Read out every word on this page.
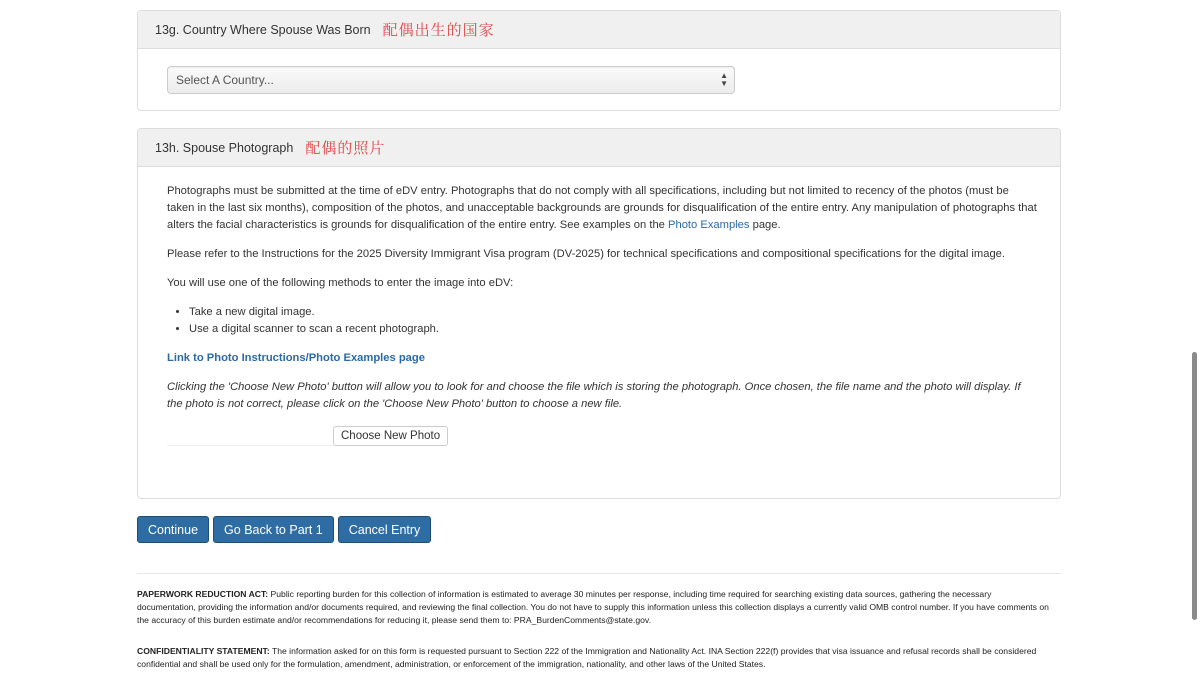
13g. Country Where Spouse Was Born 配偶出生的国家
Select A Country...	▲
▼
13h. Spouse Photograph 配偶的照片

Photographs must be submitted at the time of eDV entry. Photographs that do not comply with all specifications, including but not limited to recency of the photos (must be taken in the last six months), composition of the photos, and unacceptable backgrounds are grounds for disqualification of the entire entry. Any manipulation of photographs that alters the facial characteristics is grounds for disqualification of the entire entry. See examples on the Photo Examples page.

Please refer to the Instructions for the 2025 Diversity Immigrant Visa program (DV-2025) for technical specifications and compositional specifications for the digital image.

You will use one of the following methods to enter the image into eDV:

• Take a new digital image.
• Use a digital scanner to scan a recent photograph.

Link to Photo Instructions/Photo Examples page

Clicking the 'Choose New Photo' button will allow you to look for and choose the file which is storing the photograph. Once chosen, the file name and the photo will display. If the photo is not correct, please click on the 'Choose New Photo' button to choose a new file.

Choose New Photo
Continue	Go Back to Part 1	Cancel Entry
PAPERWORK REDUCTION ACT: Public reporting burden for this collection of information is estimated to average 30 minutes per response, including time required for searching existing data sources, gathering the necessary documentation, providing the information and/or documents required, and reviewing the final collection. You do not have to supply this information unless this collection displays a currently valid OMB control number. If you have comments on the accuracy of this burden estimate and/or recommendations for reducing it, please send them to: PRA_BurdenComments@state.gov.
CONFIDENTIALITY STATEMENT: The information asked for on this form is requested pursuant to Section 222 of the Immigration and Nationality Act. INA Section 222(f) provides that visa issuance and refusal records shall be considered confidential and shall be used only for the formulation, amendment, administration, or enforcement of the immigration, nationality, and other laws of the United States.
